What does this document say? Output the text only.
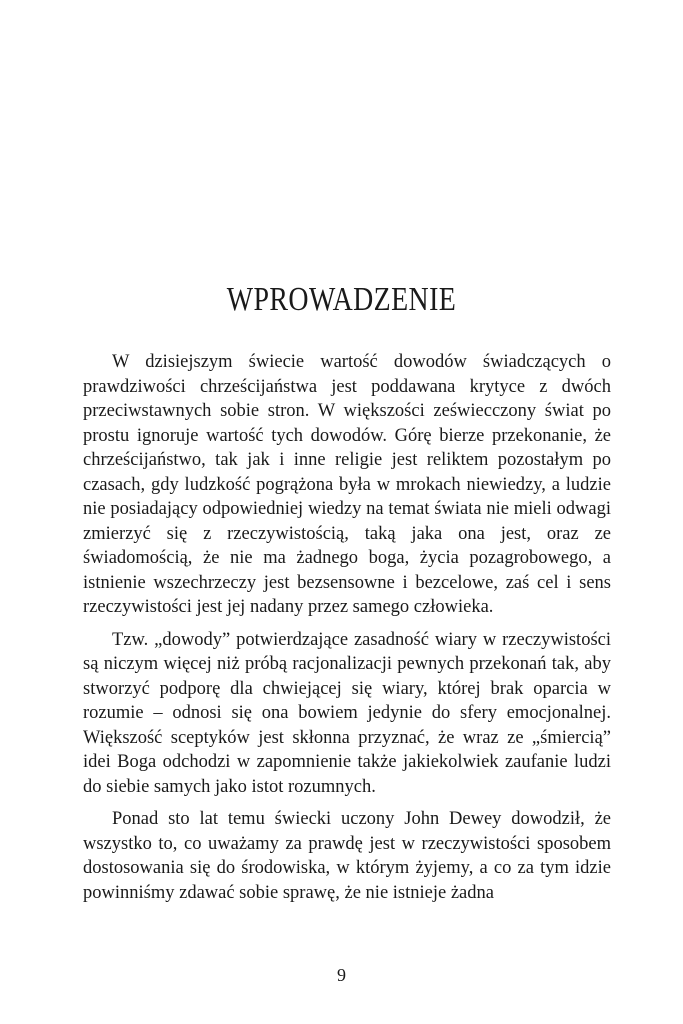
WPROWADZENIE

W dzisiejszym świecie wartość dowodów świadczących o prawdziwości chrześcijaństwa jest poddawana krytyce z dwóch przeciwstawnych sobie stron. W większości zeświecczony świat po prostu ignoruje wartość tych dowodów. Górę bierze przekonanie, że chrześcijaństwo, tak jak i inne religie jest reliktem pozostałym po czasach, gdy ludzkość pogrążona była w mrokach niewiedzy, a ludzie nie posiadający odpowiedniej wiedzy na temat świata nie mieli odwagi zmierzyć się z rzeczywistością, taką jaka ona jest, oraz ze świadomością, że nie ma żadnego boga, życia pozagrobowego, a istnienie wszechrzeczy jest bezsensowne i bezcelowe, zaś cel i sens rzeczywistości jest jej nadany przez samego człowieka.

Tzw. „dowody” potwierdzające zasadność wiary w rzeczywistości są niczym więcej niż próbą racjonalizacji pewnych przekonań tak, aby stworzyć podporę dla chwiejącej się wiary, której brak oparcia w rozumie – odnosi się ona bowiem jedynie do sfery emocjonalnej. Większość sceptyków jest skłonna przyznać, że wraz ze „śmiercią” idei Boga odchodzi w zapomnienie także jakiekolwiek zaufanie ludzi do siebie samych jako istot rozumnych.

Ponad sto lat temu świecki uczony John Dewey dowodził, że wszystko to, co uważamy za prawdę jest w rzeczywistości sposobem dostosowania się do środowiska, w którym żyjemy, a co za tym idzie powinniśmy zdawać sobie sprawę, że nie istnieje żadna

9
